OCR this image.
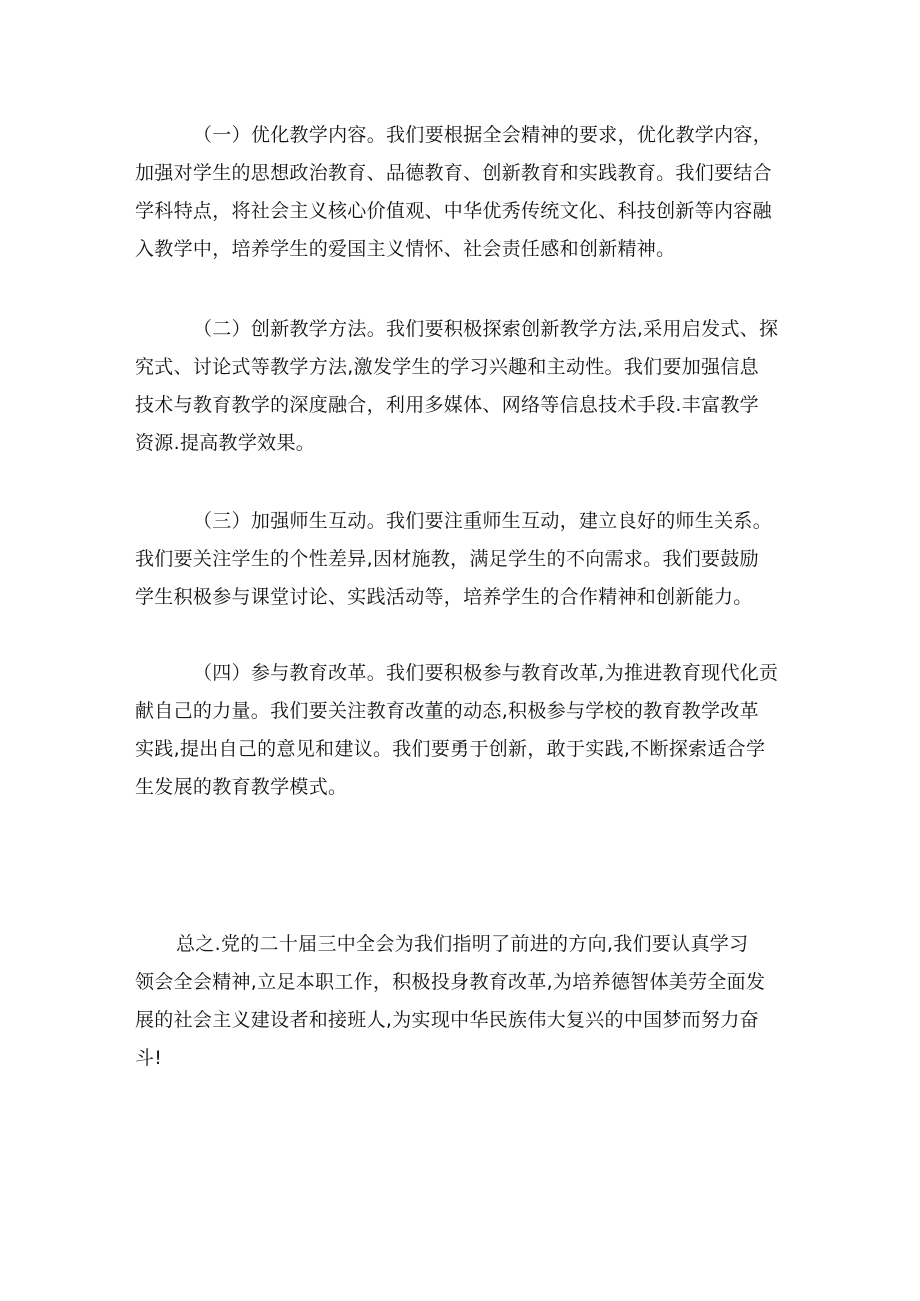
（一）优化教学内容。我们要根据全会精神的要求，优化教学内容，
加强对学生的思想政治教育、品德教育、创新教育和实践教育。我们要结合
学科特点，将社会主义核心价值观、中华优秀传统文化、科技创新等内容融
入教学中，培养学生的爱国主义情怀、社会责任感和创新精神。

（二）创新教学方法。我们要积极探索创新教学方法,采用启发式、探
究式、讨论式等教学方法,激发学生的学习兴趣和主动性。我们要加强信息
技术与教育教学的深度融合，利用多媒体、网络等信息技术手段.丰富教学
资源.提高教学效果。

（三）加强师生互动。我们要注重师生互动，建立良好的师生关系。
我们要关注学生的个性差异,因材施教，满足学生的不向需求。我们要鼓励
学生积极参与课堂讨论、实践活动等，培养学生的合作精神和创新能力。

（四）参与教育改革。我们要积极参与教育改革,为推进教育现代化贡
献自己的力量。我们要关注教育改董的动态,积极参与学校的教育教学改革
实践,提出自己的意见和建议。我们要勇于创新，敢于实践,不断探索适合学
生发展的教育教学模式。

总之.党的二十届三中全会为我们指明了前进的方向,我们要认真学习
领会全会精神,立足本职工作，积极投身教育改革,为培养德智体美劳全面发
展的社会主义建设者和接班人,为实现中华民族伟大复兴的中国梦而努力奋
斗!
